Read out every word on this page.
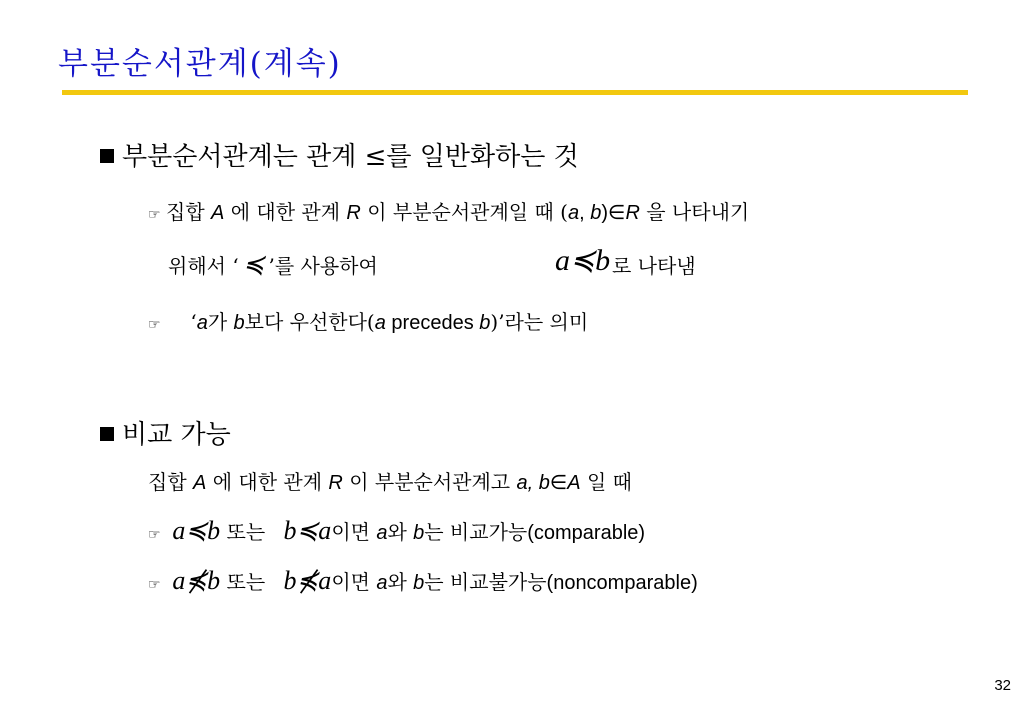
부분순서관계(계속)
부분순서관계는 관계 ≤를 일반화하는 것
☞ 집합 A 에 대한 관계 R 이 부분순서관계일 때 (a, b)∈R 을 나타내기
위해서 ‘ ≼ ’를 사용하여	a≼b 로 나타냄
☞ ‘a가 b보다 우선한다(a precedes b)’라는 의미
비교 가능
집합 A 에 대한 관계 R 이 부분순서관계고 a, b∈A 일 때
☞ a≼b 또는 b≼a이면 a와 b는 비교가능(comparable)
☞ a⋠b 또는 b⋠a이면 a와 b는 비교불가능(noncomparable)
32
